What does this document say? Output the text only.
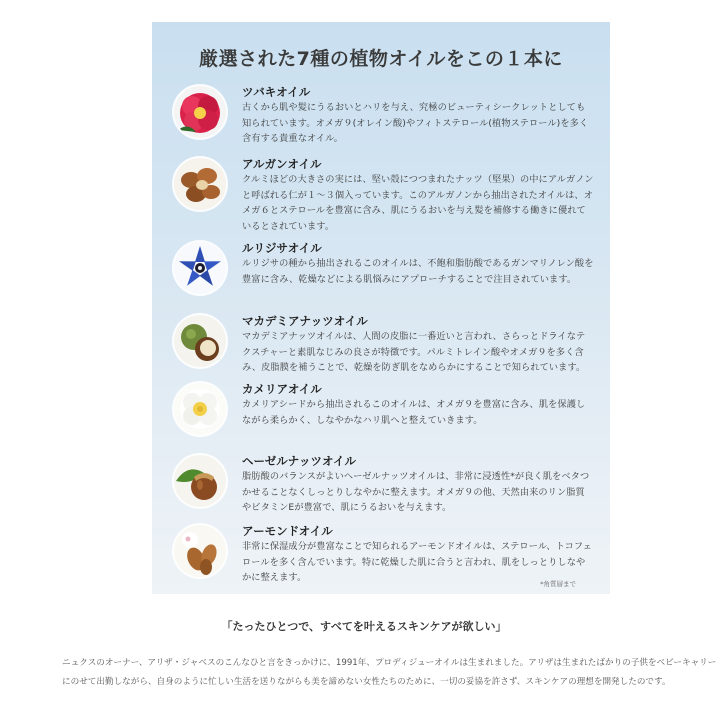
厳選された7種の植物オイルをこの１本に
ツバキオイル
古くから肌や髪にうるおいとハリを与え、究極のビューティシークレットとしても知られています。オメガ９(オレイン酸)やフィトステロール(植物ステロール)を多く含有する貴重なオイル。
アルガンオイル
クルミほどの大きさの実には、堅い殻につつまれたナッツ（堅果）の中にアルガノンと呼ばれる仁が１〜３個入っています。このアルガノンから抽出されたオイルは、オメガ６とステロールを豊富に含み、肌にうるおいを与え髪を補修する働きに優れているとされています。
ルリジサオイル
ルリジサの種から抽出されるこのオイルは、不飽和脂肪酸であるガンマリノレン酸を豊富に含み、乾燥などによる肌悩みにアプローチすることで注目されています。
マカデミアナッツオイル
マカデミアナッツオイルは、人間の皮脂に一番近いと言われ、さらっとドライなテクスチャーと素肌なじみの良さが特徴です。パルミトレイン酸やオメガ９を多く含み、皮脂膜を補うことで、乾燥を防ぎ肌をなめらかにすることで知られています。
カメリアオイル
カメリアシードから抽出されるこのオイルは、オメガ９を豊富に含み、肌を保護しながら柔らかく、しなやかなハリ肌へと整えていきます。
ヘーゼルナッツオイル
脂肪酸のバランスがよいヘーゼルナッツオイルは、非常に浸透性*が良く肌をベタつかせることなくしっとりしなやかに整えます。オメガ９の他、天然由来のリン脂質やビタミンEが豊富で、肌にうるおいを与えます。
アーモンドオイル
非常に保湿成分が豊富なことで知られるアーモンドオイルは、ステロール、トコフェロールを多く含んでいます。特に乾燥した肌に合うと言われ、肌をしっとりしなやかに整えます。
*角質層まで
「たったひとつで、すべてを叶えるスキンケアが欲しい」
ニュクスのオーナー、アリザ・ジャベスのこんなひと言をきっかけに、1991年、プロディジューオイルは生まれました。アリザは生まれたばかりの子供をベビーキャリーにのせて出勤しながら、自身のように忙しい生活を送りながらも美を諦めない女性たちのために、一切の妥協を許さず、スキンケアの理想を開発したのです。
